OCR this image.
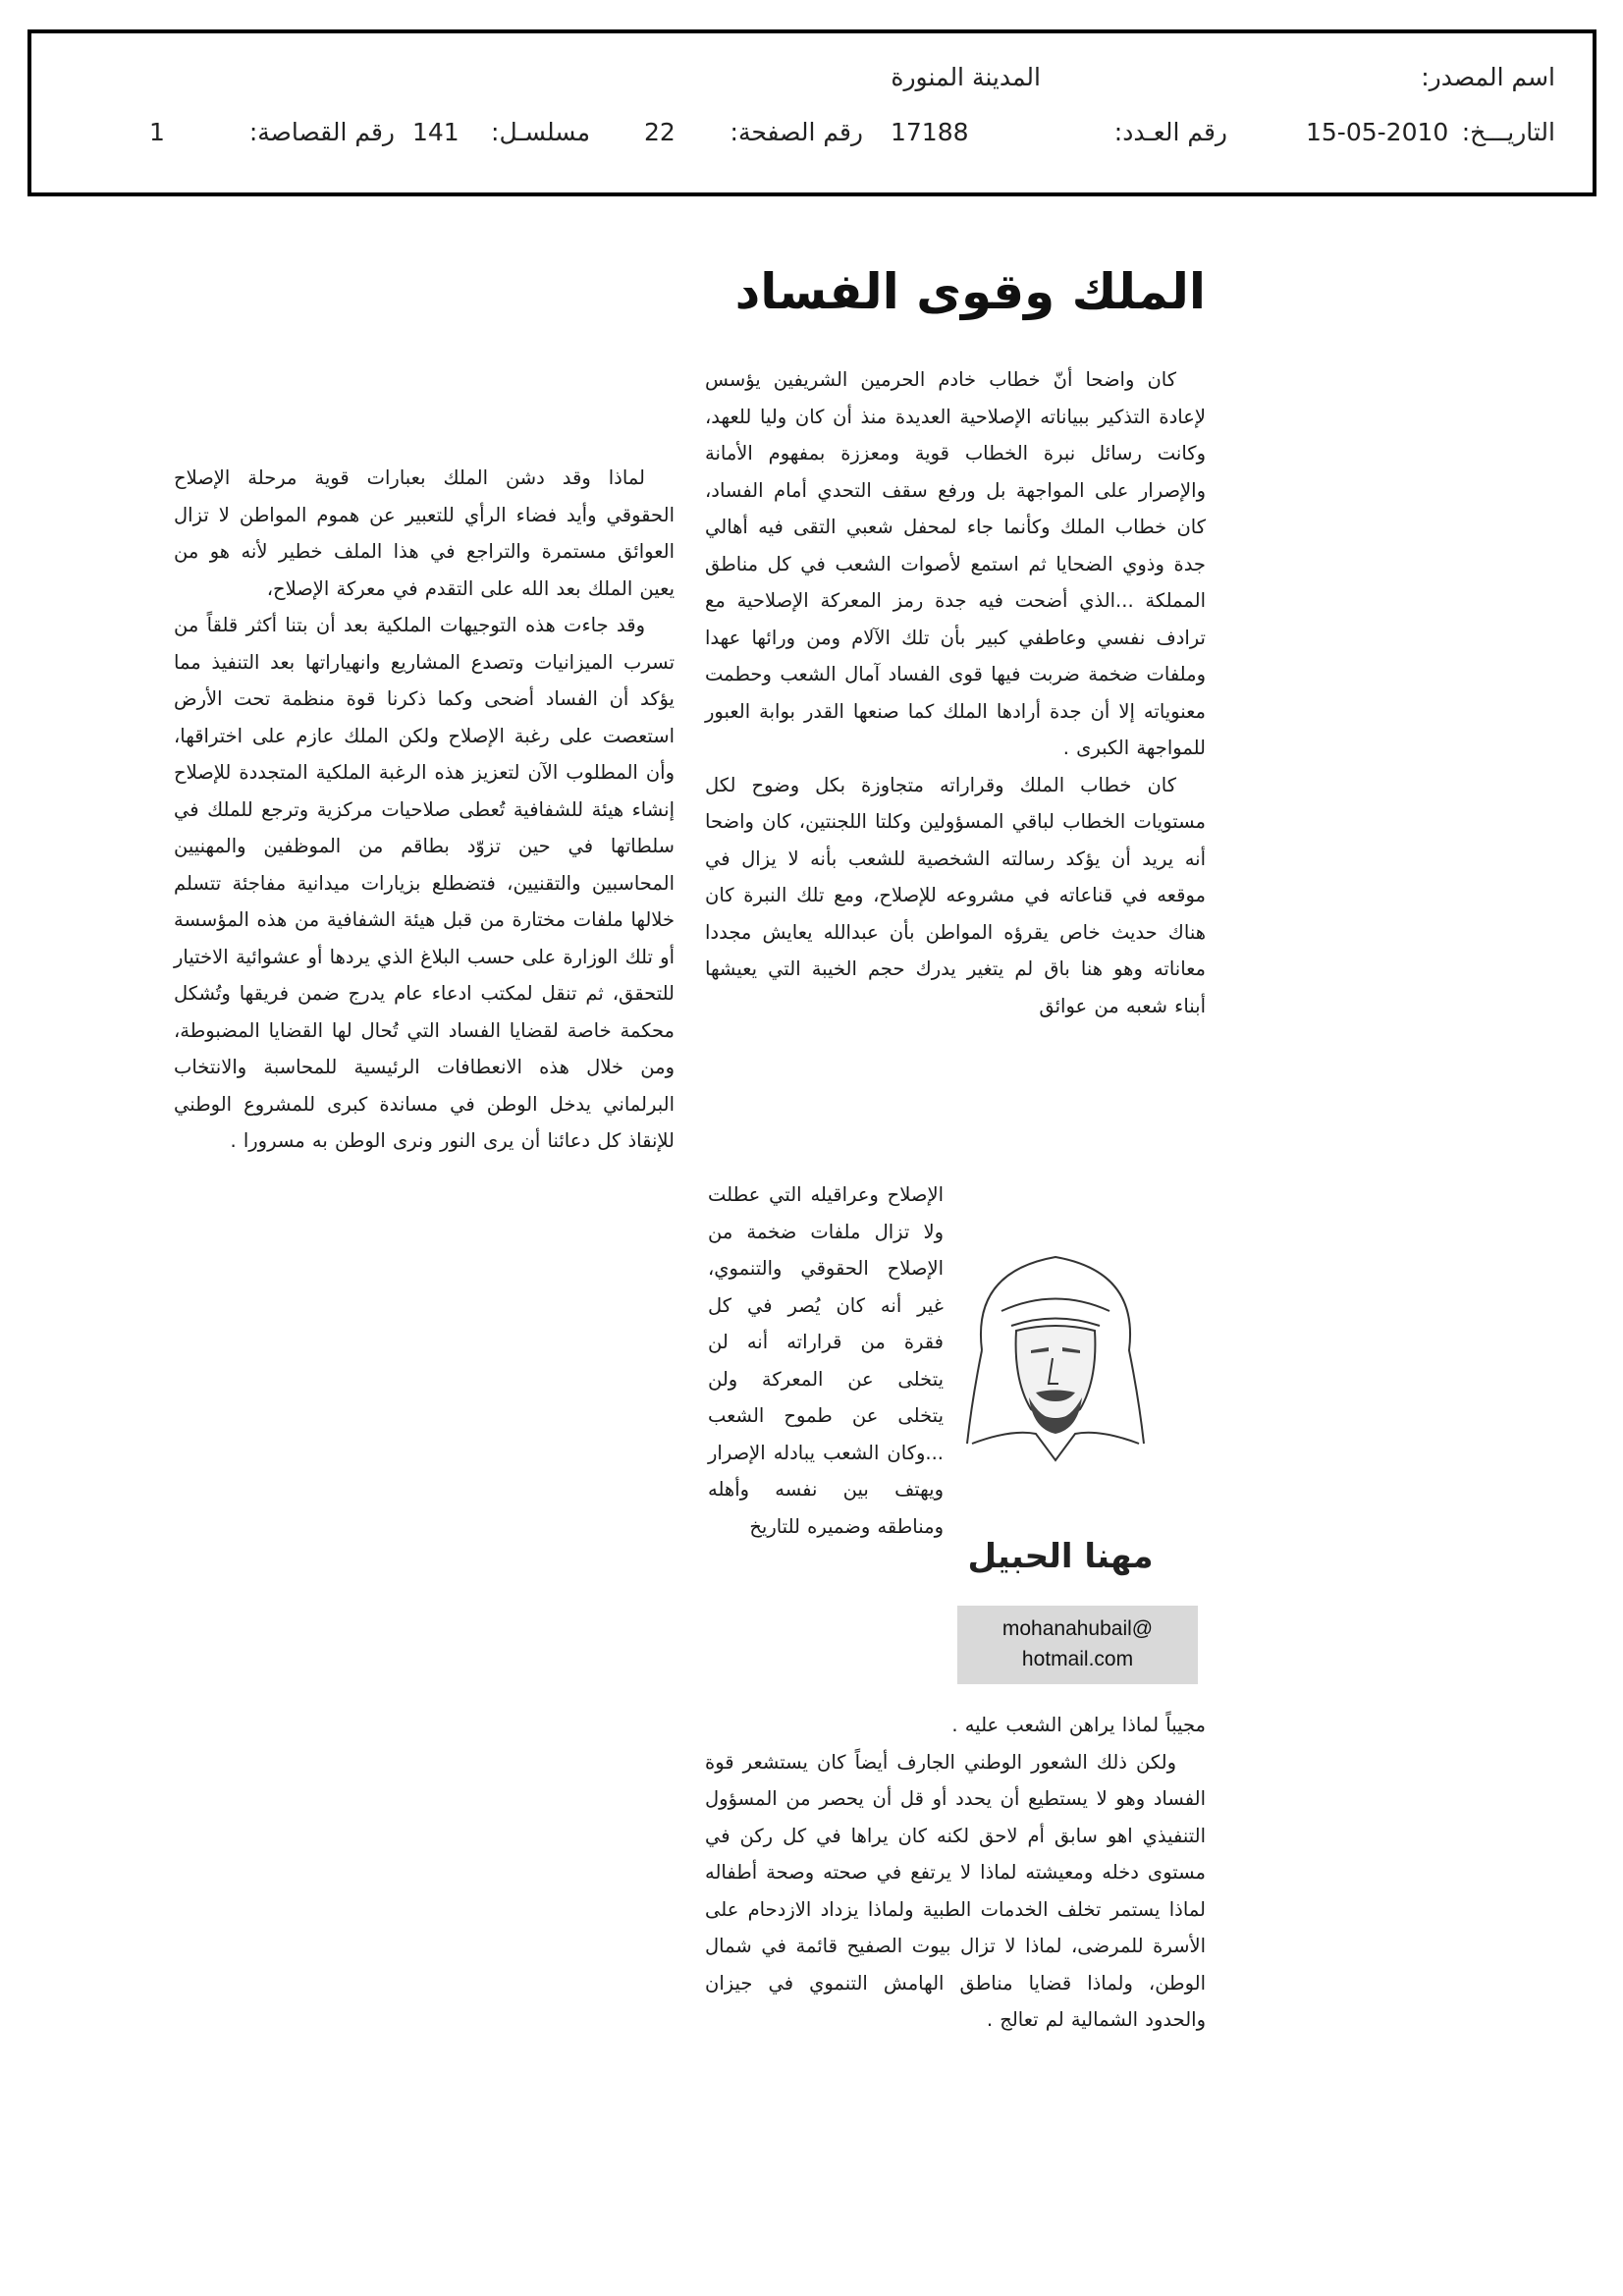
اسم المصدر:
المدينة المنورة
التاريـــخ:
15-05-2010
رقم العـدد:
17188
رقم الصفحة:
22
مسلسـل:
141
رقم القصاصة:
1
الملك وقوى الفساد

كان واضحا أنّ خطاب خادم الحرمين الشريفين يؤسس لإعادة التذكير ببياناته الإصلاحية العديدة منذ أن كان وليا للعهد، وكانت رسائل نبرة الخطاب قوية ومعززة بمفهوم الأمانة والإصرار على المواجهة بل ورفع سقف التحدي أمام الفساد، كان خطاب الملك وكأنما جاء لمحفل شعبي التقى فيه أهالي جدة وذوي الضحايا ثم استمع لأصوات الشعب في كل مناطق المملكة ...الذي أضحت فيه جدة رمز المعركة الإصلاحية مع ترادف نفسي وعاطفي كبير بأن تلك الآلام ومن ورائها عهدا وملفات ضخمة ضربت فيها قوى الفساد آمال الشعب وحطمت معنوياته إلا أن جدة أرادها الملك كما صنعها القدر بوابة العبور للمواجهة الكبرى .

كان خطاب الملك وقراراته متجاوزة بكل وضوح لكل مستويات الخطاب لباقي المسؤولين وكلتا اللجنتين، كان واضحا أنه يريد أن يؤكد رسالته الشخصية للشعب بأنه لا يزال في موقعه في قناعاته في مشروعه للإصلاح، ومع تلك النبرة كان هناك حديث خاص يقرؤه المواطن بأن عبدالله يعايش مجددا معاناته وهو هنا باق لم يتغير يدرك حجم الخيبة التي يعيشها أبناء شعبه من عوائق

الإصلاح وعراقيله التي عطلت ولا تزال ملفات ضخمة من الإصلاح الحقوقي والتنموي، غير أنه كان يُصر في كل فقرة من قراراته أنه لن يتخلى عن المعركة ولن يتخلى عن طموح الشعب ...وكان الشعب يبادله الإصرار ويهتف بين نفسه وأهله ومناطقه وضميره للتاريخ

مهنا الحبيل
mohanahubail@
hotmail.com

مجيباً لماذا يراهن الشعب عليه .

ولكن ذلك الشعور الوطني الجارف أيضاً كان يستشعر قوة الفساد وهو لا يستطيع أن يحدد أو قل أن يحصر من المسؤول التنفيذي اهو سابق أم لاحق لكنه كان يراها في كل ركن في مستوى دخله ومعيشته لماذا لا يرتفع في صحته وصحة أطفاله لماذا يستمر تخلف الخدمات الطبية ولماذا يزداد الازدحام على الأسرة للمرضى، لماذا لا تزال بيوت الصفيح قائمة في شمال الوطن، ولماذا قضايا مناطق الهامش التنموي في جيزان والحدود الشمالية لم تعالج .

لماذا وقد دشن الملك بعبارات قوية مرحلة الإصلاح الحقوقي وأيد فضاء الرأي للتعبير عن هموم المواطن لا تزال العوائق مستمرة والتراجع في هذا الملف خطير لأنه هو من يعين الملك بعد الله على التقدم في معركة الإصلاح،

وقد جاءت هذه التوجيهات الملكية بعد أن بتنا أكثر قلقاً من تسرب الميزانيات وتصدع المشاريع وانهياراتها بعد التنفيذ مما يؤكد أن الفساد أضحى وكما ذكرنا قوة منظمة تحت الأرض استعصت على رغبة الإصلاح ولكن الملك عازم على اختراقها، وأن المطلوب الآن لتعزيز هذه الرغبة الملكية المتجددة للإصلاح إنشاء هيئة للشفافية تُعطى صلاحيات مركزية وترجع للملك في سلطاتها في حين تزوّد بطاقم من الموظفين والمهنيين المحاسبين والتقنيين، فتضطلع بزيارات ميدانية مفاجئة تتسلم خلالها ملفات مختارة من قبل هيئة الشفافية من هذه المؤسسة أو تلك الوزارة على حسب البلاغ الذي يردها أو عشوائية الاختيار للتحقق، ثم تنقل لمكتب ادعاء عام يدرج ضمن فريقها وتُشكل محكمة خاصة لقضايا الفساد التي تُحال لها القضايا المضبوطة، ومن خلال هذه الانعطافات الرئيسية للمحاسبة والانتخاب البرلماني يدخل الوطن في مساندة كبرى للمشروع الوطني للإنقاذ كل دعائنا أن يرى النور ونرى الوطن به مسرورا .
